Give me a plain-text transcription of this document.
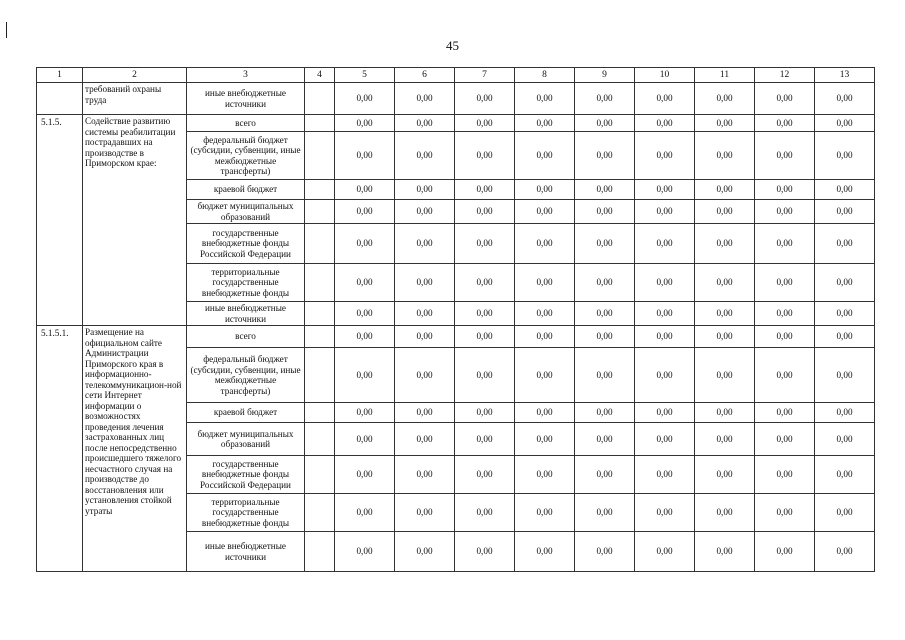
45
1	2	3	4	5	6	7	8	9	10	11	12	13
	требований охраны труда	иные внебюджетные источники		0,00	0,00	0,00	0,00	0,00	0,00	0,00	0,00	0,00
5.1.5.	Содействие развитию системы реабилитации пострадавших на производстве в Приморском крае:	всего		0,00	0,00	0,00	0,00	0,00	0,00	0,00	0,00	0,00
		федеральный бюджет (субсидии, субвенции, иные межбюджетные трансферты)		0,00	0,00	0,00	0,00	0,00	0,00	0,00	0,00	0,00
		краевой бюджет		0,00	0,00	0,00	0,00	0,00	0,00	0,00	0,00	0,00
		бюджет муниципальных образований		0,00	0,00	0,00	0,00	0,00	0,00	0,00	0,00	0,00
		государственные внебюджетные фонды Российской Федерации		0,00	0,00	0,00	0,00	0,00	0,00	0,00	0,00	0,00
		территориальные государственные внебюджетные фонды		0,00	0,00	0,00	0,00	0,00	0,00	0,00	0,00	0,00
		иные внебюджетные источники		0,00	0,00	0,00	0,00	0,00	0,00	0,00	0,00	0,00
5.1.5.1.	Размещение на официальном сайте Администрации Приморского края в информационно-телекоммуникацион-ной сети Интернет информации о возможностях проведения лечения застрахованных лиц после непосредственно происшедшего тяжелого несчастного случая на производстве до восстановления или установления стойкой утраты	всего		0,00	0,00	0,00	0,00	0,00	0,00	0,00	0,00	0,00
		федеральный бюджет (субсидии, субвенции, иные межбюджетные трансферты)		0,00	0,00	0,00	0,00	0,00	0,00	0,00	0,00	0,00
		краевой бюджет		0,00	0,00	0,00	0,00	0,00	0,00	0,00	0,00	0,00
		бюджет муниципальных образований		0,00	0,00	0,00	0,00	0,00	0,00	0,00	0,00	0,00
		государственные внебюджетные фонды Российской Федерации		0,00	0,00	0,00	0,00	0,00	0,00	0,00	0,00	0,00
		территориальные государственные внебюджетные фонды		0,00	0,00	0,00	0,00	0,00	0,00	0,00	0,00	0,00
		иные внебюджетные источники		0,00	0,00	0,00	0,00	0,00	0,00	0,00	0,00	0,00
